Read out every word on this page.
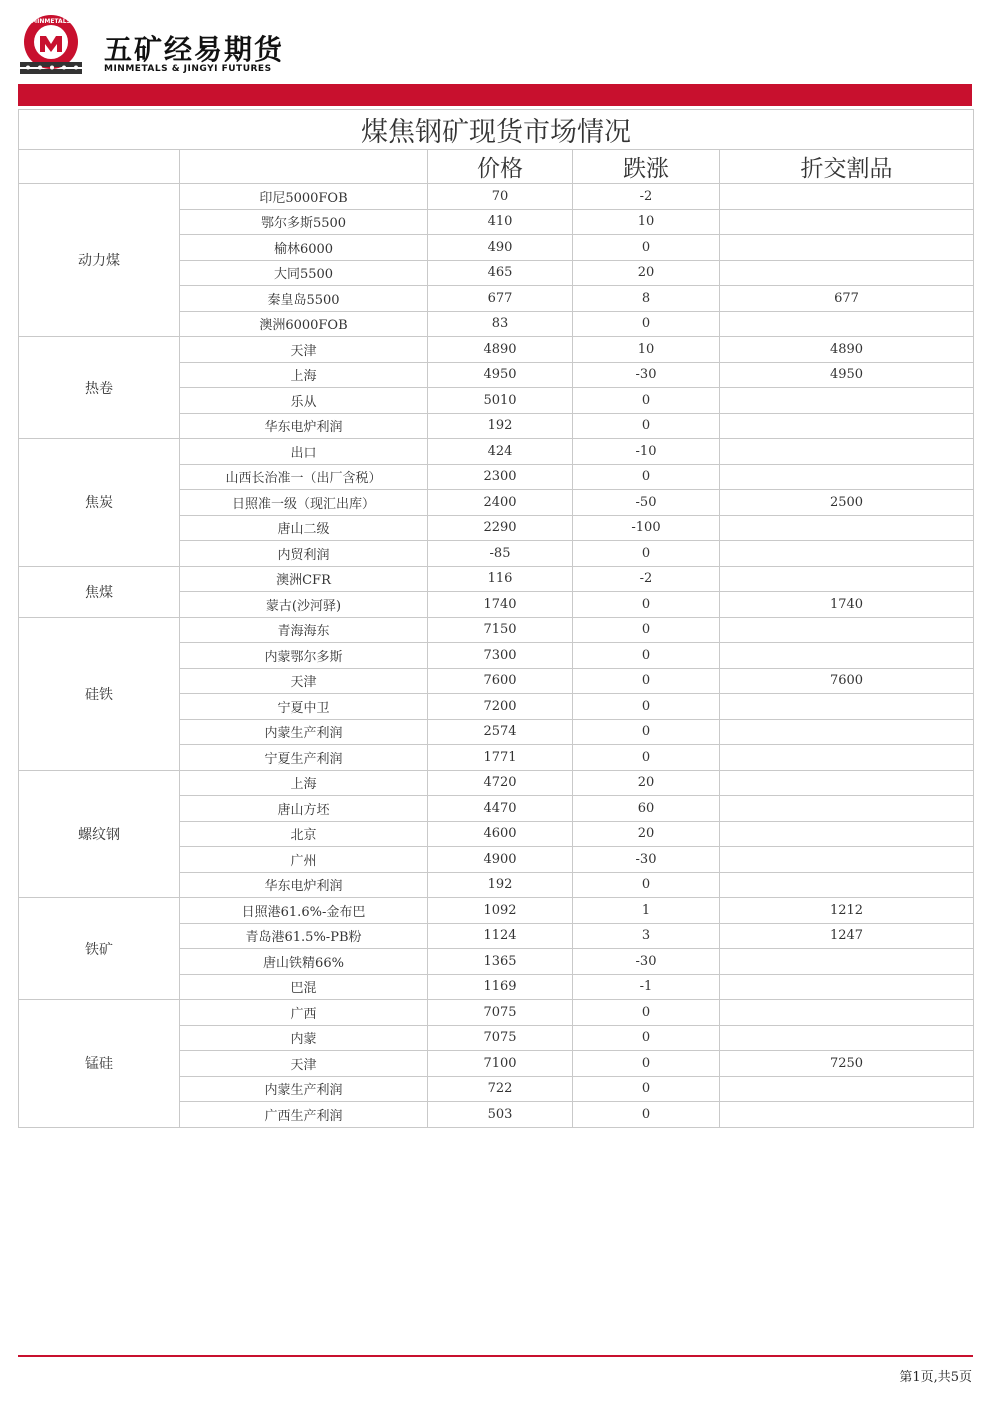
MINMETALS
五矿经易期货
MINMETALS & JINGYI FUTURES
煤焦钢矿现货市场情况				
		价格	跌涨	折交割品
动力煤	印尼5000FOB	70	-2	
	鄂尔多斯5500	410	10	
	榆林6000	490	0	
	大同5500	465	20	
	秦皇岛5500	677	8	677
	澳洲6000FOB	83	0	
热卷	天津	4890	10	4890
	上海	4950	-30	4950
	乐从	5010	0	
	华东电炉利润	192	0	
焦炭	出口	424	-10	
	山西长治准一（出厂含税）	2300	0	
	日照准一级（现汇出库）	2400	-50	2500
	唐山二级	2290	-100	
	内贸利润	-85	0	
焦煤	澳洲CFR	116	-2	
	蒙古(沙河驿)	1740	0	1740
硅铁	青海海东	7150	0	
	内蒙鄂尔多斯	7300	0	
	天津	7600	0	7600
	宁夏中卫	7200	0	
	内蒙生产利润	2574	0	
	宁夏生产利润	1771	0	
螺纹钢	上海	4720	20	
	唐山方坯	4470	60	
	北京	4600	20	
	广州	4900	-30	
	华东电炉利润	192	0	
铁矿	日照港61.6%-金布巴	1092	1	1212
	青岛港61.5%-PB粉	1124	3	1247
	唐山铁精66%	1365	-30	
	巴混	1169	-1	
锰硅	广西	7075	0	
	内蒙	7075	0	
	天津	7100	0	7250
	内蒙生产利润	722	0	
	广西生产利润	503	0	
第1页,共5页
